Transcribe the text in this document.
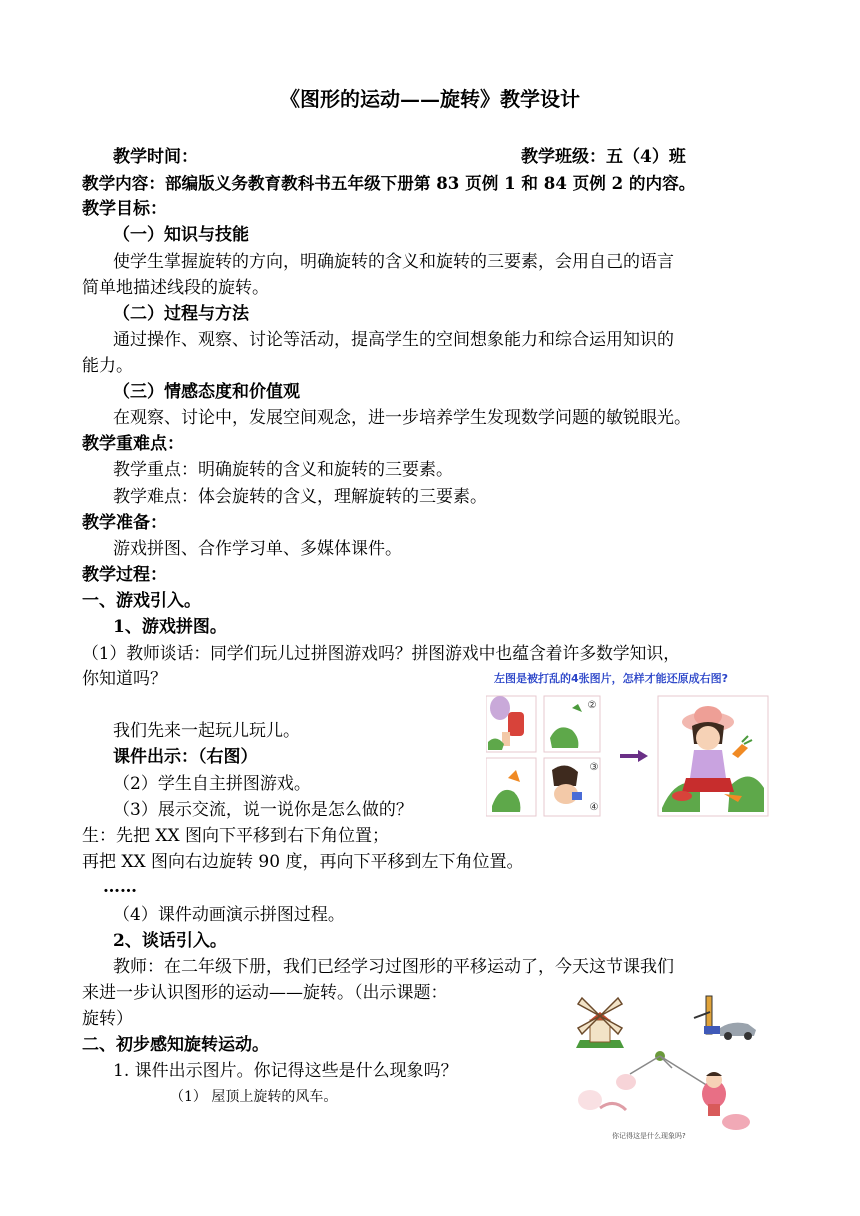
《图形的运动——旋转》教学设计
教学时间：	教学班级：五（4）班
教学内容：部编版义务教育教科书五年级下册第 83 页例 1 和 84 页例 2 的内容。
教学目标：
（一）知识与技能
使学生掌握旋转的方向，明确旋转的含义和旋转的三要素，会用自己的语言
简单地描述线段的旋转。
（二）过程与方法
通过操作、观察、讨论等活动，提高学生的空间想象能力和综合运用知识的
能力。
（三）情感态度和价值观
在观察、讨论中，发展空间观念，进一步培养学生发现数学问题的敏锐眼光。
教学重难点：
教学重点：明确旋转的含义和旋转的三要素。
教学难点：体会旋转的含义，理解旋转的三要素。
教学准备：
游戏拼图、合作学习单、多媒体课件。
教学过程：
一、游戏引入。
1、游戏拼图。
（1）教师谈话：同学们玩儿过拼图游戏吗？拼图游戏中也蕴含着许多数学知识，
你知道吗？
我们先来一起玩儿玩儿。
课件出示：（右图）
（2）学生自主拼图游戏。
（3）展示交流，说一说你是怎么做的？
生：先把 XX 图向下平移到右下角位置；
再把 XX 图向右边旋转 90 度，再向下平移到左下角位置。
……
（4）课件动画演示拼图过程。
2、谈话引入。
教师：在二年级下册，我们已经学习过图形的平移运动了，今天这节课我们
来进一步认识图形的运动——旋转。（出示课题：
旋转）
二、初步感知旋转运动。
1. 课件出示图片。你记得这些是什么现象吗？
（1） 屋顶上旋转的风车。
左图是被打乱的4张图片，怎样才能还原成右图?
②
④
③
你记得这是什么现象吗?
